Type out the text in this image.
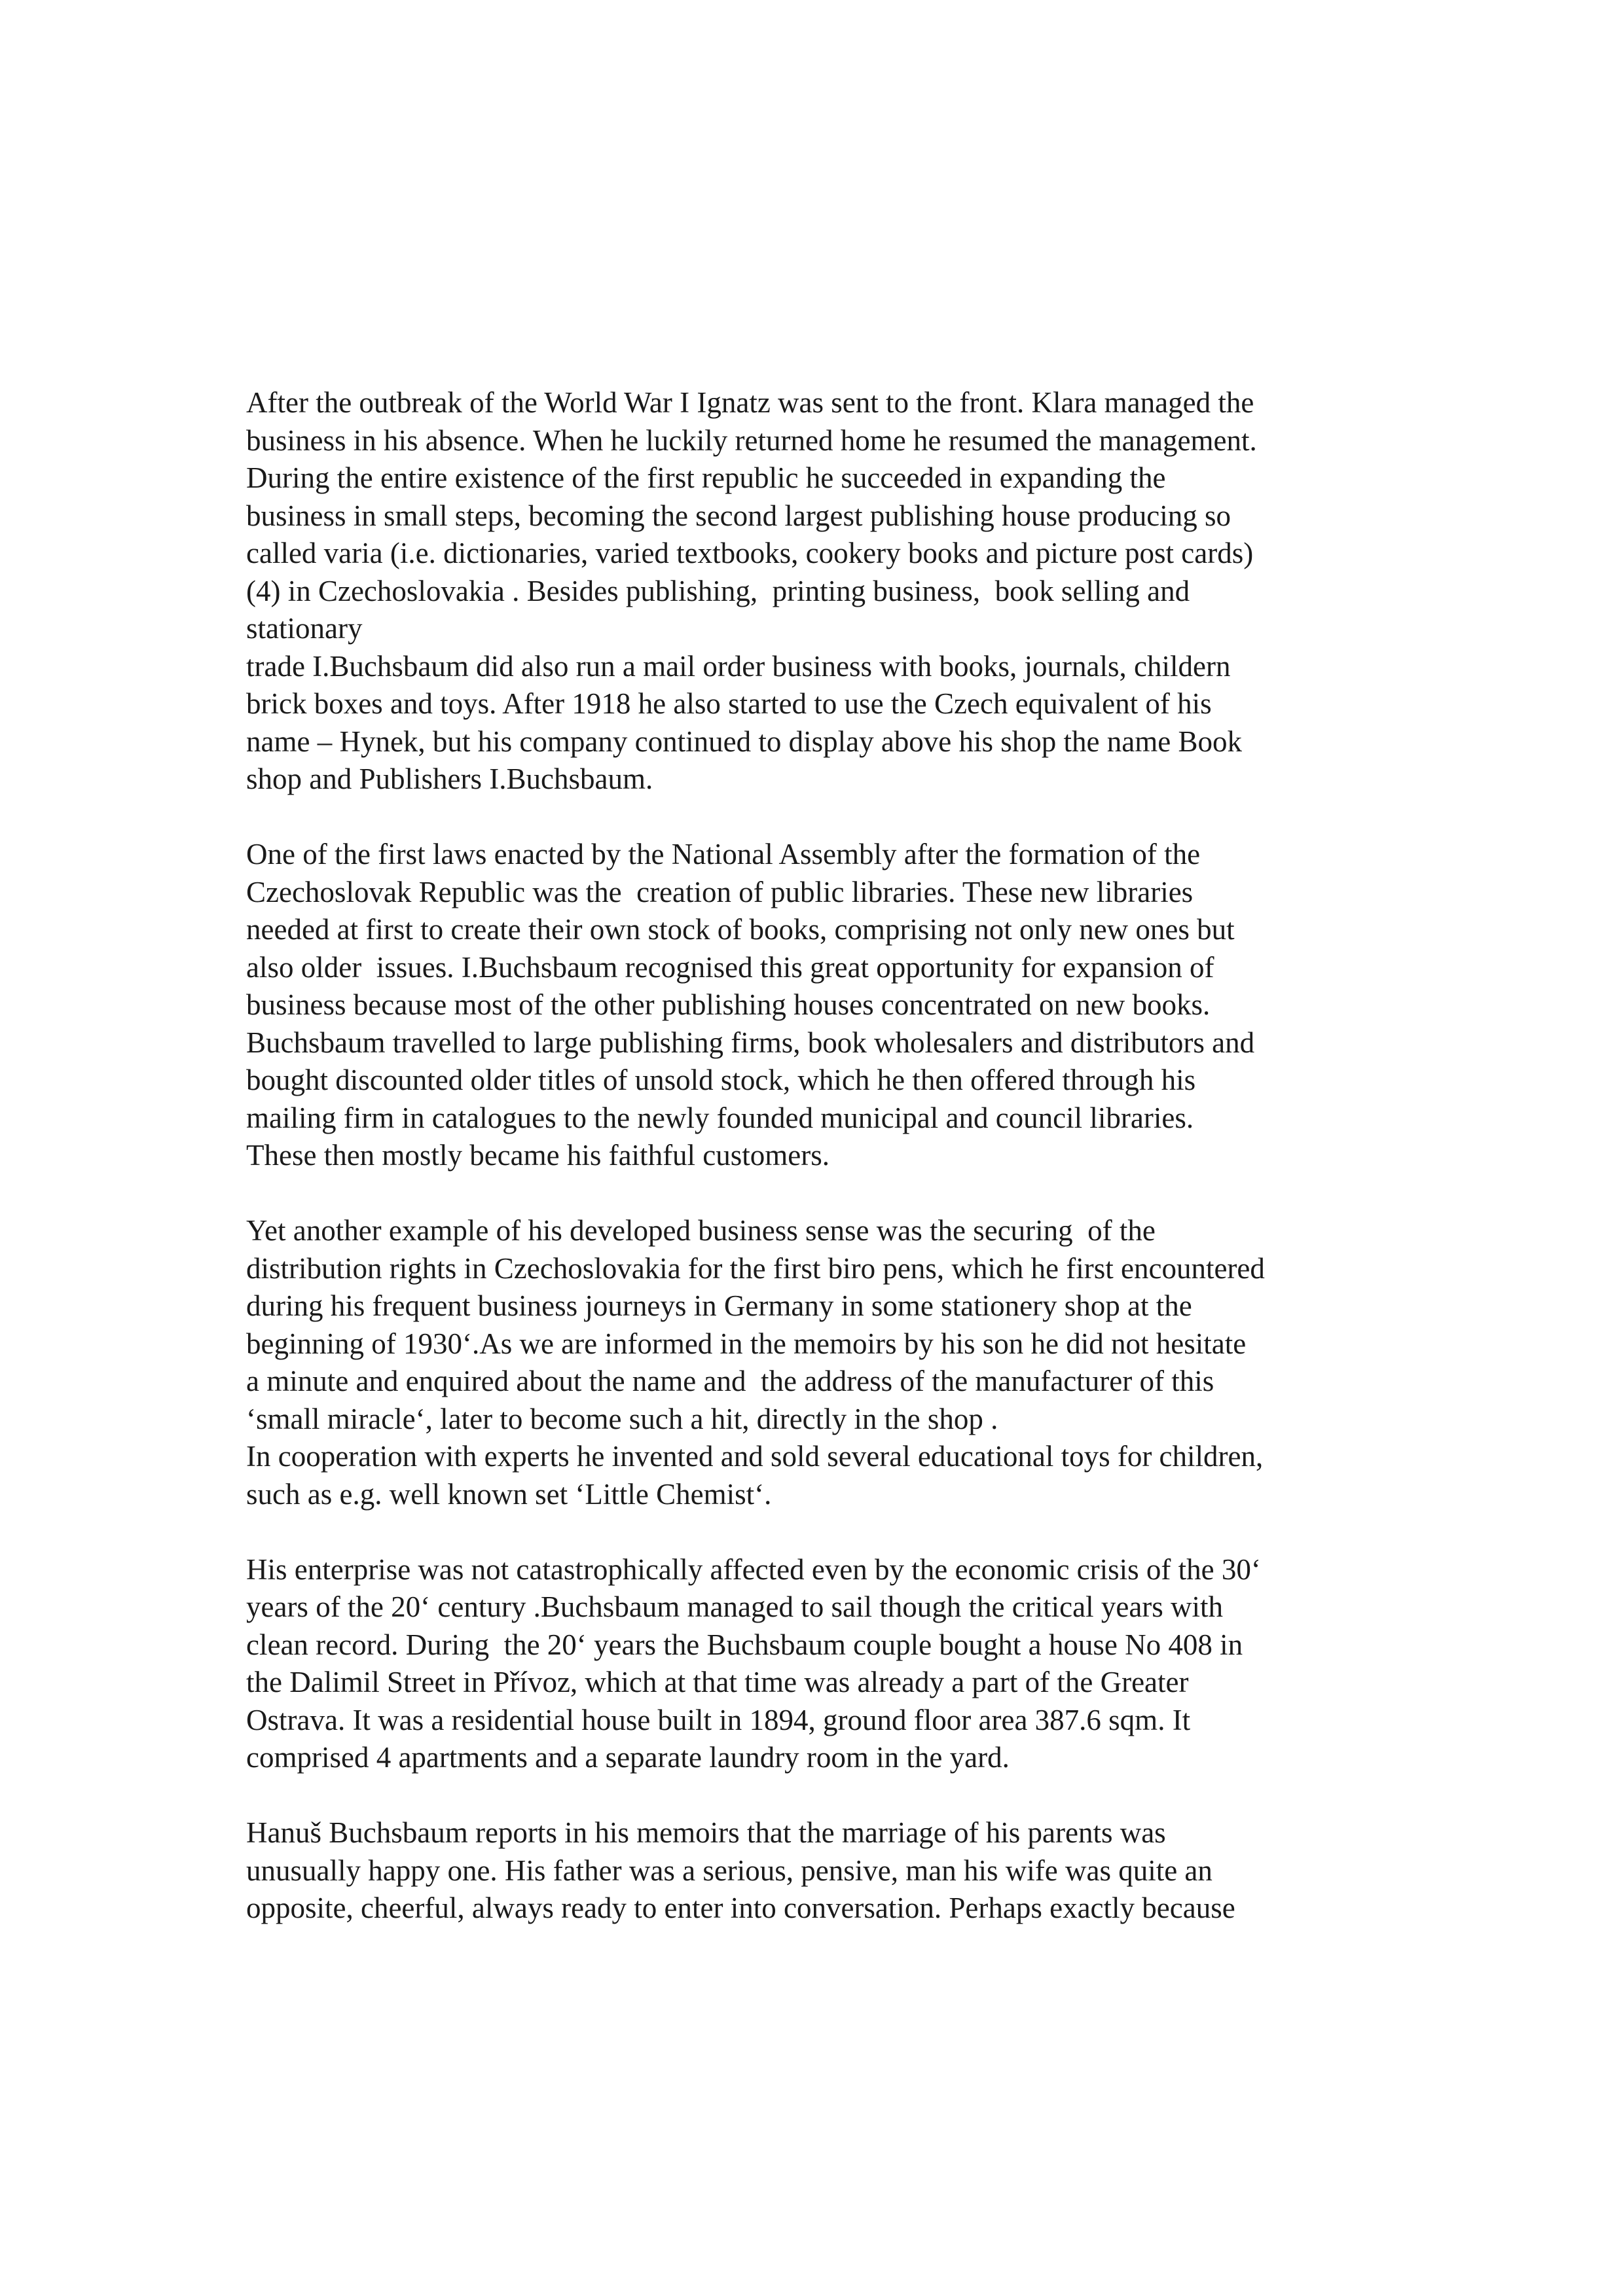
After the outbreak of the World War I Ignatz was sent to the front. Klara managed the
business in his absence. When he luckily returned home he resumed the management.
During the entire existence of the first republic he succeeded in expanding the
business in small steps, becoming the second largest publishing house producing so
called varia (i.e. dictionaries, varied textbooks, cookery books and picture post cards)
(4) in Czechoslovakia . Besides publishing,  printing business,  book selling and
stationary
trade I.Buchsbaum did also run a mail order business with books, journals, childern
brick boxes and toys. After 1918 he also started to use the Czech equivalent of his
name – Hynek, but his company continued to display above his shop the name Book
shop and Publishers I.Buchsbaum.
One of the first laws enacted by the National Assembly after the formation of the
Czechoslovak Republic was the  creation of public libraries. These new libraries
needed at first to create their own stock of books, comprising not only new ones but
also older  issues. I.Buchsbaum recognised this great opportunity for expansion of
business because most of the other publishing houses concentrated on new books.
Buchsbaum travelled to large publishing firms, book wholesalers and distributors and
bought discounted older titles of unsold stock, which he then offered through his
mailing firm in catalogues to the newly founded municipal and council libraries.
These then mostly became his faithful customers.
Yet another example of his developed business sense was the securing  of the
distribution rights in Czechoslovakia for the first biro pens, which he first encountered
during his frequent business journeys in Germany in some stationery shop at the
beginning of 1930‘.As we are informed in the memoirs by his son he did not hesitate
a minute and enquired about the name and  the address of the manufacturer of this
‘small miracle‘, later to become such a hit, directly in the shop .
In cooperation with experts he invented and sold several educational toys for children,
such as e.g. well known set ‘Little Chemist‘.
His enterprise was not catastrophically affected even by the economic crisis of the 30‘
years of the 20‘ century .Buchsbaum managed to sail though the critical years with
clean record. During  the 20‘ years the Buchsbaum couple bought a house No 408 in
the Dalimil Street in Přívoz, which at that time was already a part of the Greater
Ostrava. It was a residential house built in 1894, ground floor area 387.6 sqm. It
comprised 4 apartments and a separate laundry room in the yard.
Hanuš Buchsbaum reports in his memoirs that the marriage of his parents was
unusually happy one. His father was a serious, pensive, man his wife was quite an
opposite, cheerful, always ready to enter into conversation. Perhaps exactly because
